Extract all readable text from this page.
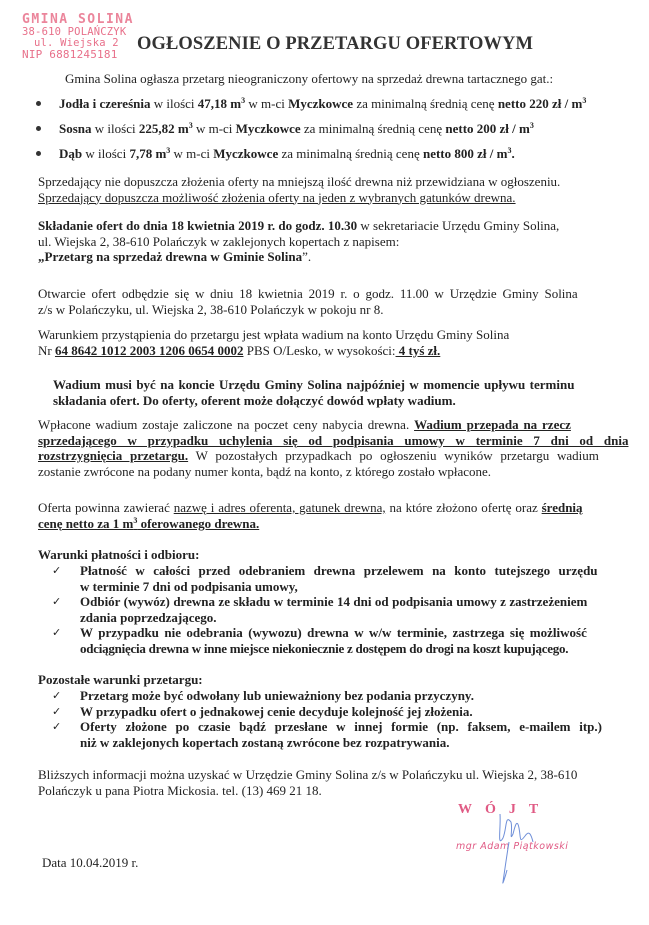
GMINA SOLINA
38-610 POLAŃCZYK
ul. Wiejska 2
NIP 6881245181
OGŁOSZENIE O PRZETARGU OFERTOWYM
Gmina Solina ogłasza przetarg nieograniczony ofertowy na sprzedaż drewna tartacznego gat.:
Jodła i czereśnia w ilości 47,18 $m^3$ w m-ci Myczkowce za minimalną średnią cenę netto 220 zł / $m^3$
Sosna w ilości 225,82 $m^3$ w m-ci Myczkowce za minimalną średnią cenę netto 200 zł / $m^3$
Dąb w ilości 7,78 $m^3$ w m-ci Myczkowce za minimalną średnią cenę netto 800 zł / $m^3$.
Sprzedający nie dopuszcza złożenia oferty na mniejszą ilość drewna niż przewidziana w ogłoszeniu.
Sprzedający dopuszcza możliwość złożenia oferty na jeden z wybranych gatunków drewna.
Składanie ofert do dnia 18 kwietnia 2019 r. do godz. 10.30 w sekretariacie Urzędu Gminy Solina,
ul. Wiejska 2, 38-610 Polańczyk w zaklejonych kopertach z napisem:
„Przetarg na sprzedaż drewna w Gminie Solina”.
Otwarcie ofert odbędzie się w dniu 18 kwietnia 2019 r. o godz. 11.00 w Urzędzie Gminy Solina
z/s w Polańczyku, ul. Wiejska 2, 38-610 Polańczyk w pokoju nr 8.
Warunkiem przystąpienia do przetargu jest wpłata wadium na konto Urzędu Gminy Solina
Nr 64 8642 1012 2003 1206 0654 0002 PBS O/Lesko, w wysokości: 4 tyś zł.
Wadium musi być na koncie Urzędu Gminy Solina najpóźniej w momencie upływu terminu
składania ofert. Do oferty, oferent może dołączyć dowód wpłaty wadium.
Wpłacone wadium zostaje zaliczone na poczet ceny nabycia drewna. Wadium przepada na rzecz
sprzedającego w przypadku uchylenia się od podpisania umowy w terminie 7 dni od dnia
rozstrzygnięcia przetargu. W pozostałych przypadkach po ogłoszeniu wyników przetargu wadium
zostanie zwrócone na podany numer konta, bądź na konto, z którego zostało wpłacone.
Oferta powinna zawierać nazwę i adres oferenta, gatunek drewna, na które złożono ofertę oraz średnią
cenę netto za 1 $m^3$ oferowanego drewna.
Warunki płatności i odbioru:
✓ Płatność w całości przed odebraniem drewna przelewem na konto tutejszego urzędu
w terminie 7 dni od podpisania umowy,
✓ Odbiór (wywóz) drewna ze składu w terminie 14 dni od podpisania umowy z zastrzeżeniem
zdania poprzedzającego.
✓ W przypadku nie odebrania (wywozu) drewna w w/w terminie, zastrzega się możliwość
odciągnięcia drewna w inne miejsce niekoniecznie z dostępem do drogi na koszt kupującego.
Pozostałe warunki przetargu:
✓ Przetarg może być odwołany lub unieważniony bez podania przyczyny.
✓ W przypadku ofert o jednakowej cenie decyduje kolejność jej złożenia.
✓ Oferty złożone po czasie bądź przesłane w innej formie (np. faksem, e-mailem itp.)
niż w zaklejonych kopertach zostaną zwrócone bez rozpatrywania.
Bliższych informacji można uzyskać w Urzędzie Gminy Solina z/s w Polańczyku ul. Wiejska 2, 38-610
Polańczyk u pana Piotra Mickosia. tel. (13) 469 21 18.
WÓJT
mgr Adam Piątkowski
Data 10.04.2019 r.
